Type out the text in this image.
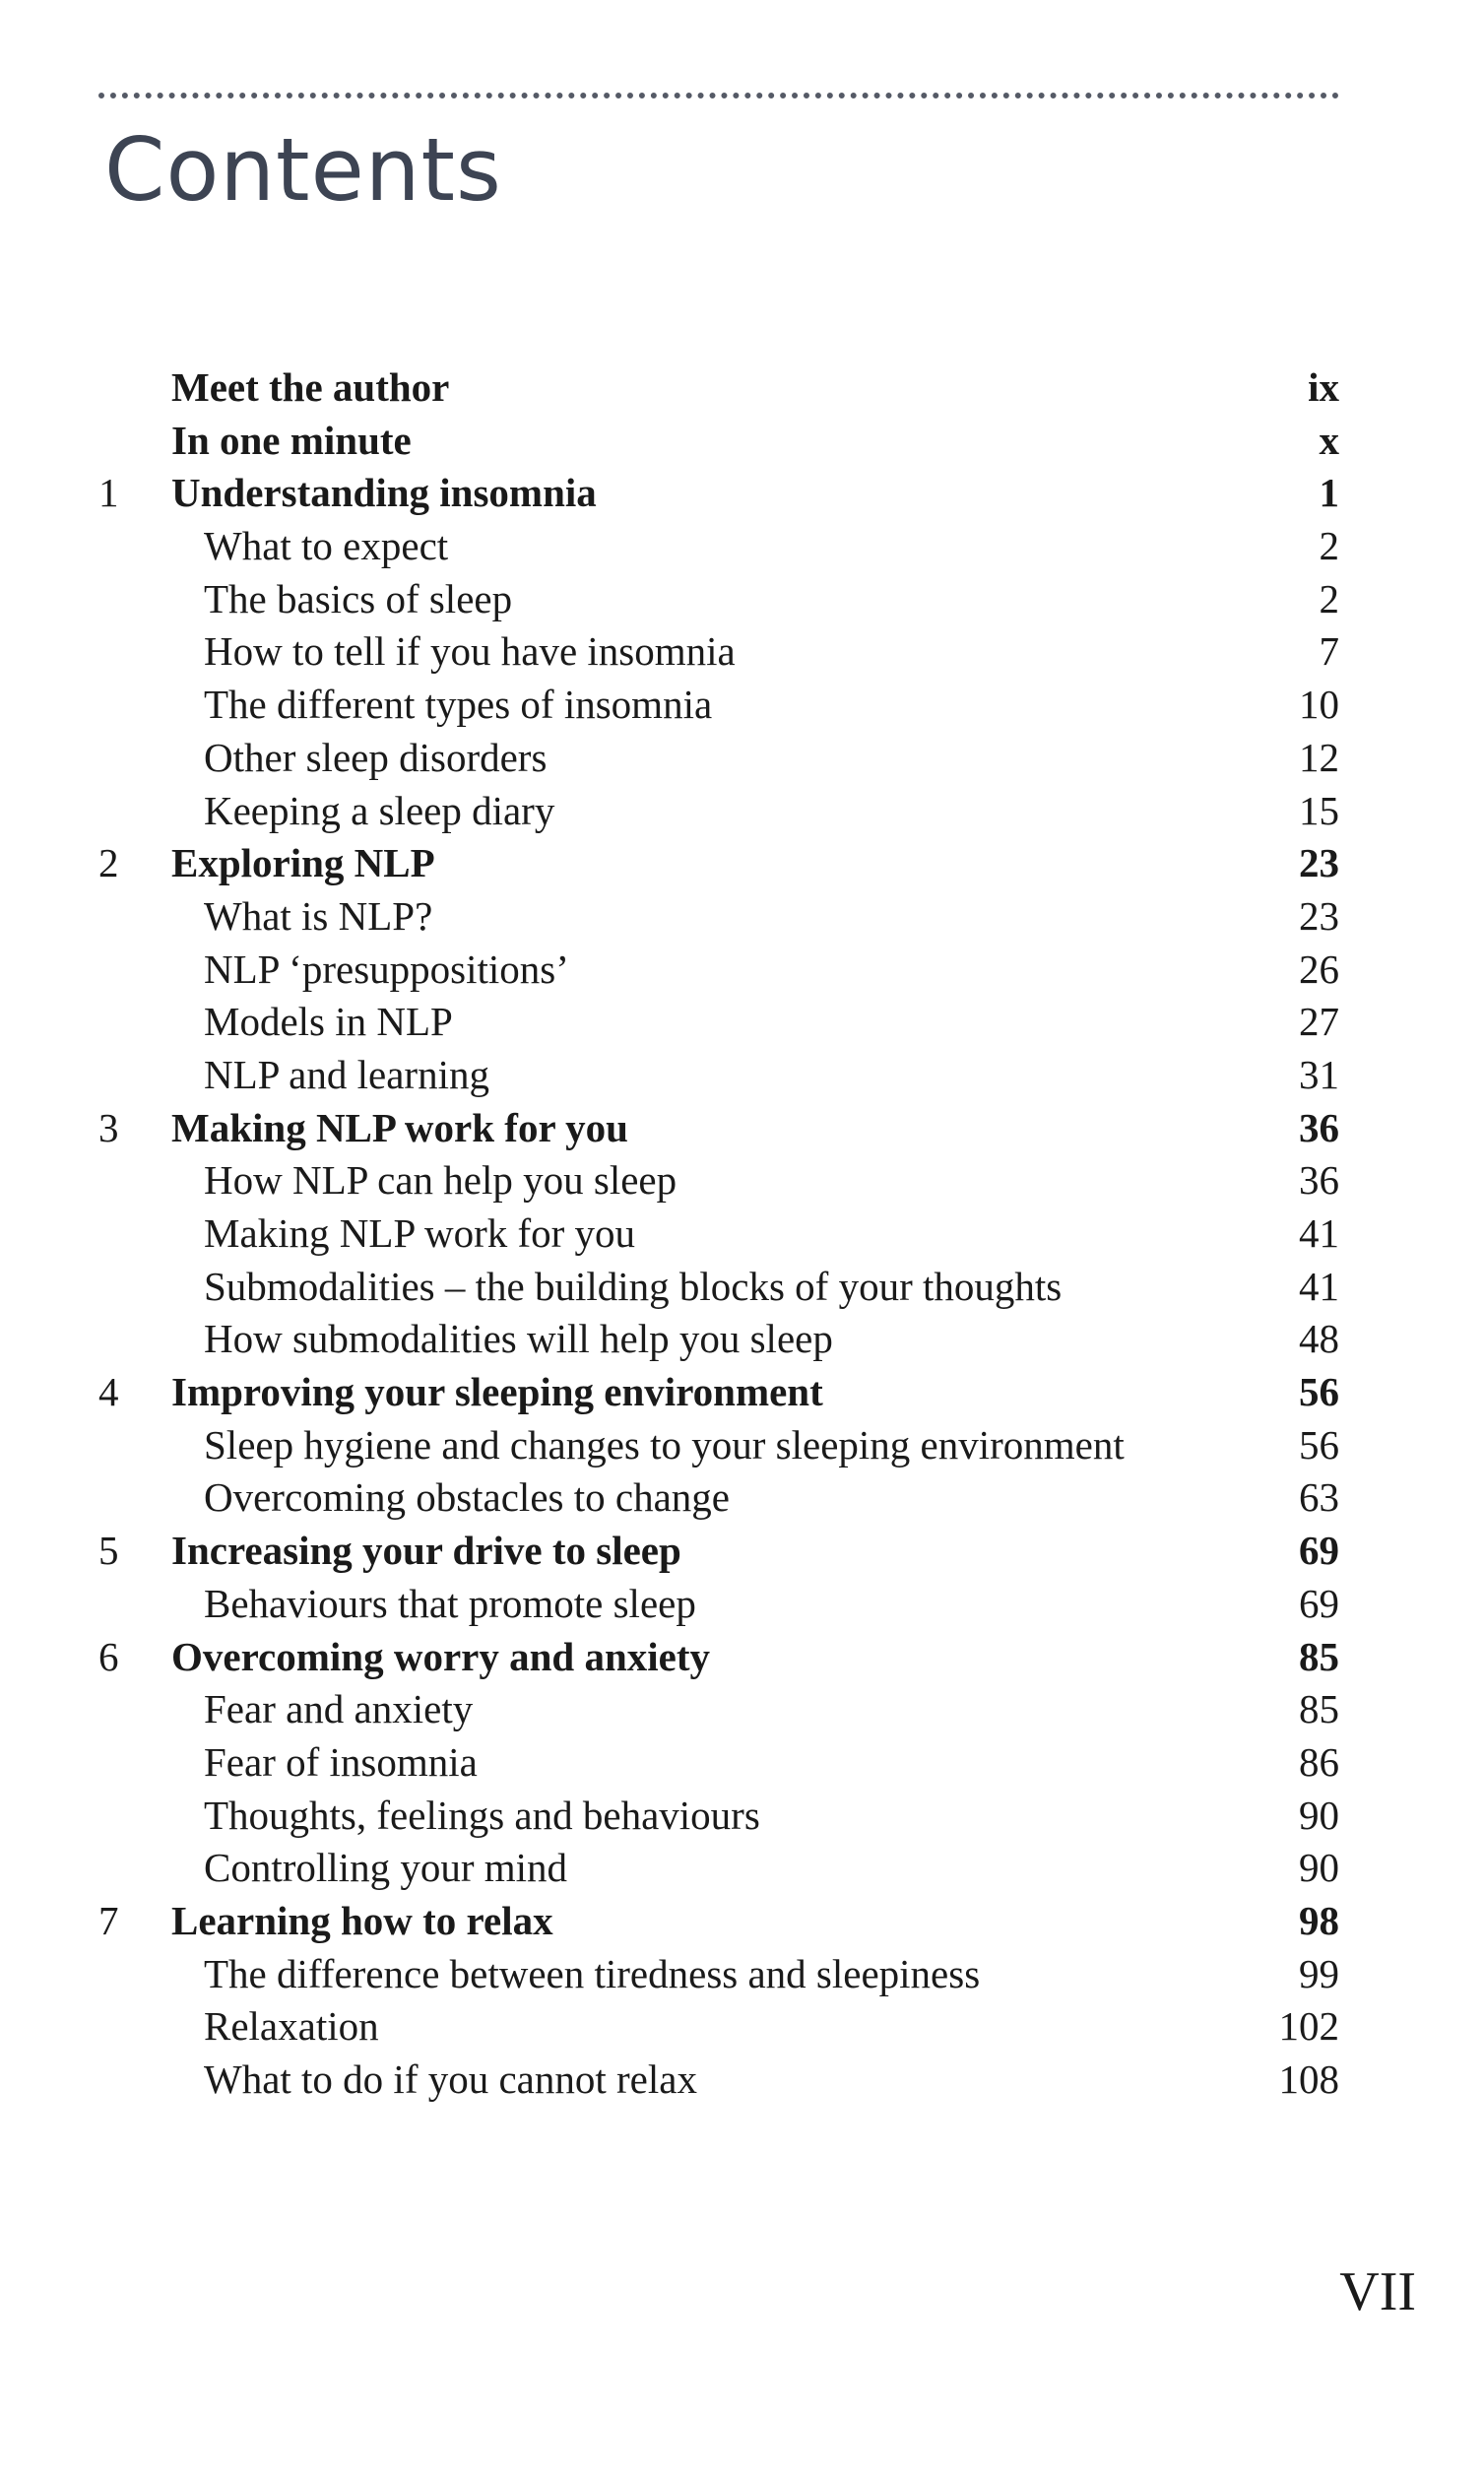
Contents
Meet the author	ix
In one minute	x
1	Understanding insomnia	1
What to expect	2
The basics of sleep	2
How to tell if you have insomnia	7
The different types of insomnia	10
Other sleep disorders	12
Keeping a sleep diary	15
2	Exploring NLP	23
What is NLP?	23
NLP ‘presuppositions’	26
Models in NLP	27
NLP and learning	31
3	Making NLP work for you	36
How NLP can help you sleep	36
Making NLP work for you	41
Submodalities – the building blocks of your thoughts	41
How submodalities will help you sleep	48
4	Improving your sleeping environment	56
Sleep hygiene and changes to your sleeping environment	56
Overcoming obstacles to change	63
5	Increasing your drive to sleep	69
Behaviours that promote sleep	69
6	Overcoming worry and anxiety	85
Fear and anxiety	85
Fear of insomnia	86
Thoughts, feelings and behaviours	90
Controlling your mind	90
7	Learning how to relax	98
The difference between tiredness and sleepiness	99
Relaxation	102
What to do if you cannot relax	108
VII
